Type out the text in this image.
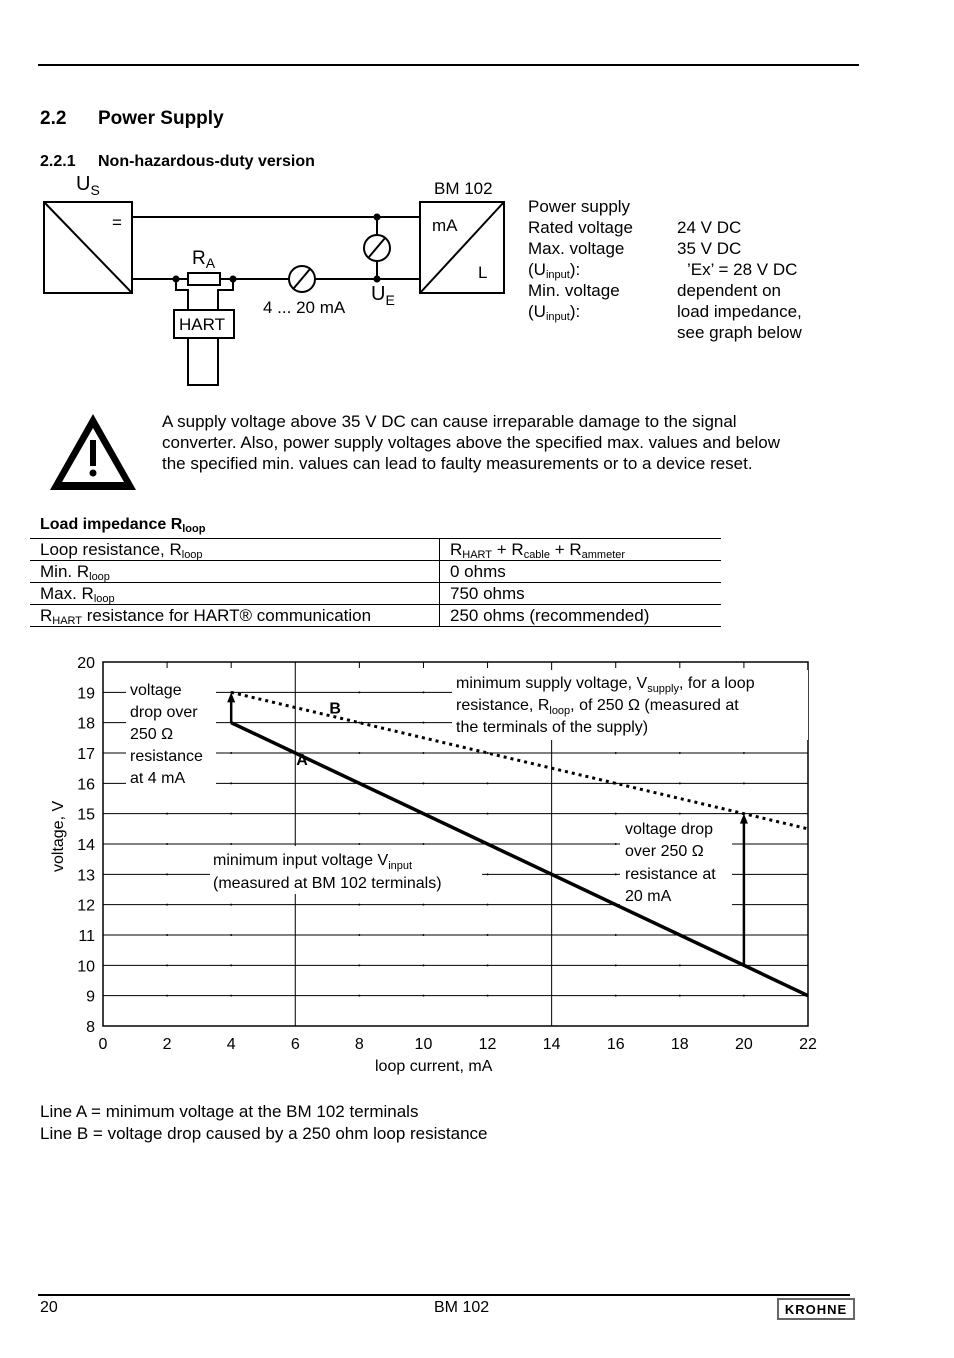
2.2 Power Supply
2.2.1 Non-hazardous-duty version
=
$U_S$	BM 102
mA
L
$R_A$
HART
4 ... 20 mA
$U_E$
Power supply
Rated voltage	24 V DC
Max. voltage	35 V DC
$(U_{input})$:	’Ex’ = 28 V DC
Min. voltage	dependent on
$(U_{input})$:	load impedance,
see graph below
A supply voltage above 35 V DC can cause irreparable damage to the signal
converter. Also, power supply voltages above the specified max. values and below
the specified min. values can lead to faulty measurements or to a device reset.
Load impedance $R_{loop}$
Loop resistance, $R_{loop}$	$R_{HART} + R_{cable} + R_{ammeter}$
Min. $R_{loop}$	0 ohms
Max. $R_{loop}$	750 ohms
$R_{HART}$ resistance for HART® communication	250 ohms (recommended)
8
9
10
11
12
13
14
15
16
17
18
19
20
0	2	4	6	8	10	12	14	16	18	20	22
loop current, mA
voltage, V
voltage
drop over
250 Ω
resistance
at 4 mA
minimum supply voltage, $V_{supply}$, for a loop
resistance, $R_{loop}$, of 250 Ω (measured at
the terminals of the supply)
voltage drop
over 250 Ω
resistance at
20 mA
minimum input voltage $V_{input}$
(measured at BM 102 terminals)
A
B
Line A = minimum voltage at the BM 102 terminals
Line B = voltage drop caused by a 250 ohm loop resistance
20	BM 102	KROHNE
